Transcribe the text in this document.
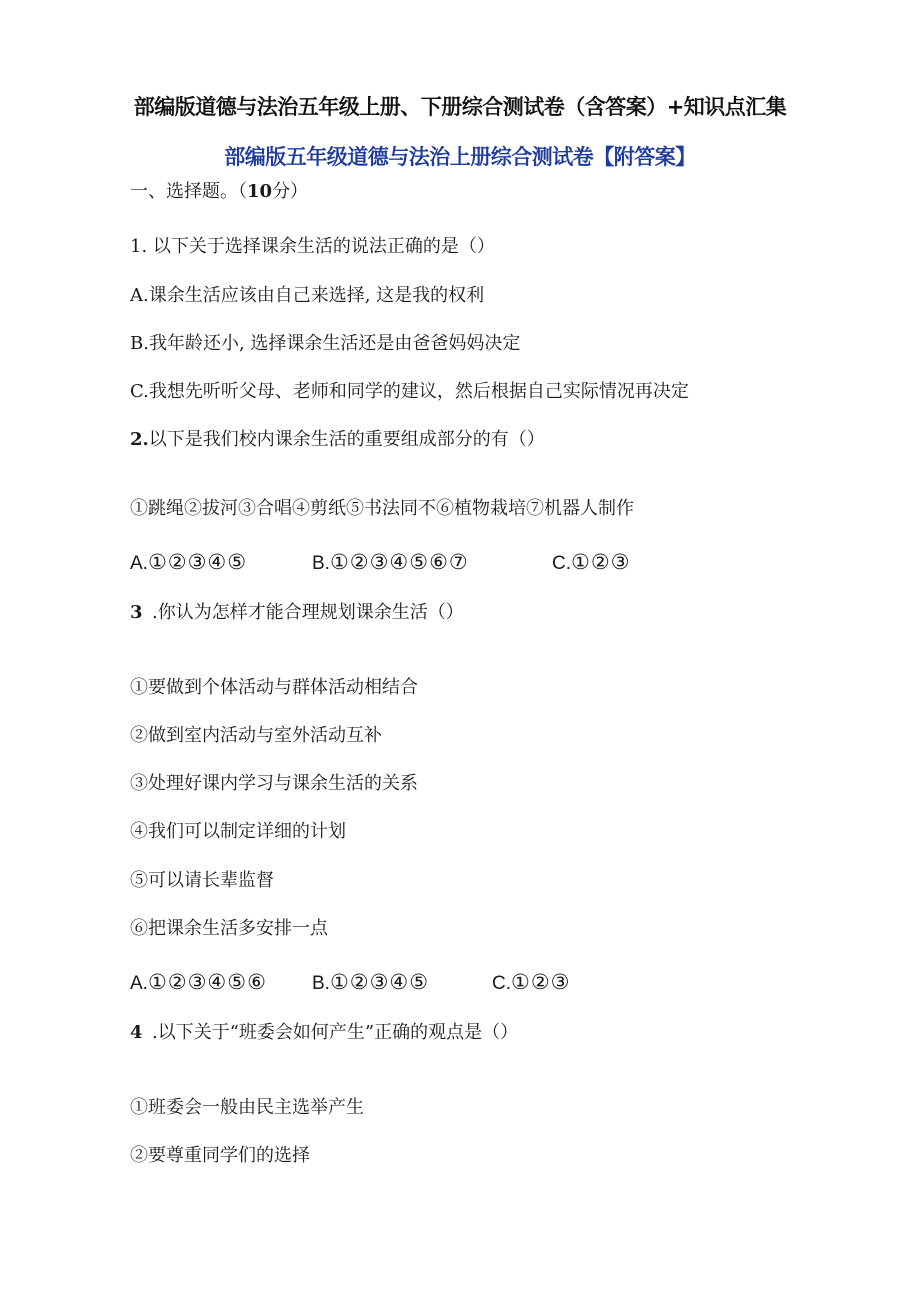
部编版道德与法治五年级上册、下册综合测试卷（含答案）+知识点汇集
部编版五年级道德与法治上册综合测试卷【附答案】
一、选择题。（10分）
1. 以下关于选择课余生活的说法正确的是（）
A.课余生活应该由自己来选择, 这是我的权利
B.我年龄还小, 选择课余生活还是由爸爸妈妈决定
C.我想先听听父母、老师和同学的建议，然后根据自己实际情况再决定
2.以下是我们校内课余生活的重要组成部分的有（）
①跳绳②拔河③合唱④剪纸⑤书法同不⑥植物栽培⑦机器人制作
A.①②③④⑤	B.①②③④⑤⑥⑦	C.①②③
3 .你认为怎样才能合理规划课余生活（）
①要做到个体活动与群体活动相结合
②做到室内活动与室外活动互补
③处理好课内学习与课余生活的关系
④我们可以制定详细的计划
⑤可以请长辈监督
⑥把课余生活多安排一点
A.①②③④⑤⑥ B.①②③④⑤	C.①②③
4 .以下关于“班委会如何产生”正确的观点是（）
①班委会一般由民主选举产生
②要尊重同学们的选择
